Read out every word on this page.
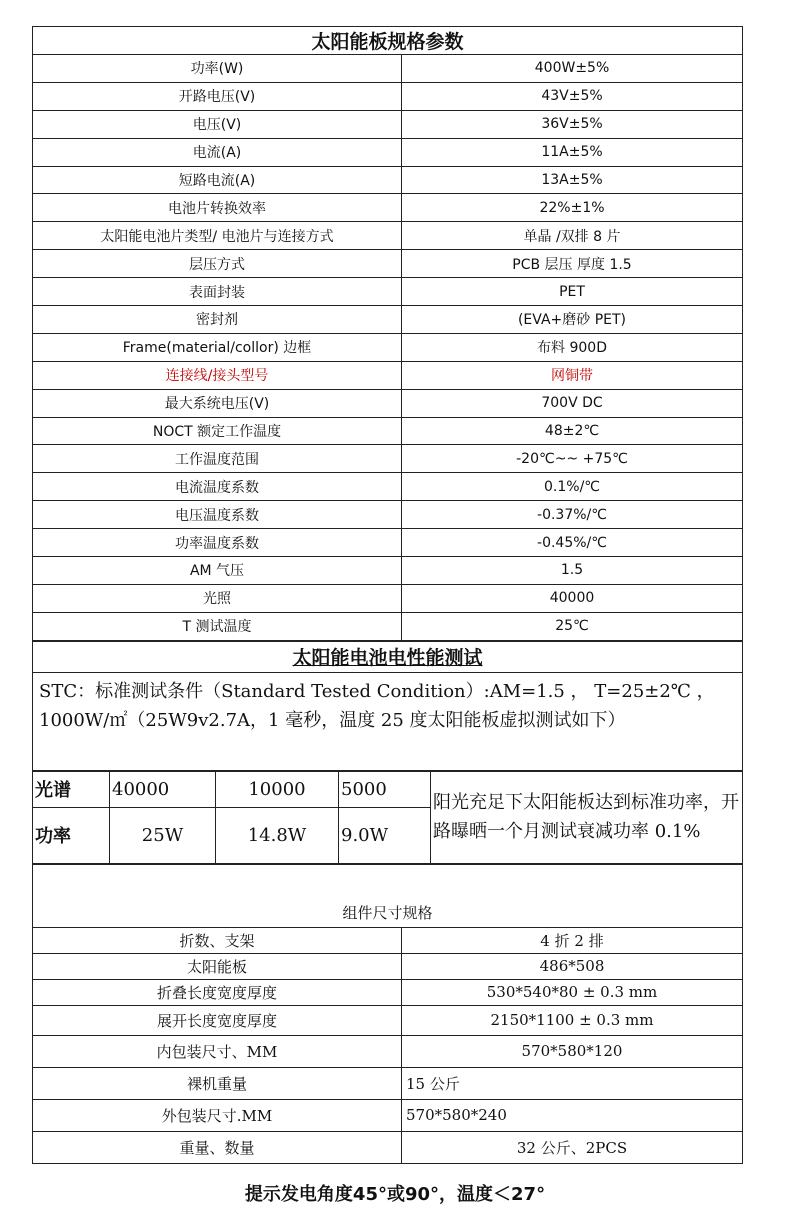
太阳能板规格参数	
功率(W)	400W±5%
开路电压(V)	43V±5%
电压(V)	36V±5%
电流(A)	11A±5%
短路电流(A)	13A±5%
电池片转换效率	22%±1%
太阳能电池片类型/ 电池片与连接方式	单晶 /双排 8 片
层压方式	PCB 层压 厚度 1.5
表面封装	PET
密封剂	(EVA+磨砂 PET)
Frame(material/collor) 边框	布料 900D
连接线/接头型号	网铜带
最大系统电压(V)	700V DC
NOCT 额定工作温度	48±2℃
工作温度范围	-20℃~~ +75℃
电流温度系数	0.1%/℃
电压温度系数	-0.37%/℃
功率温度系数	-0.45%/℃
AM 气压	1.5
光照	40000
T 测试温度	25℃
太阳能电池电性能测试
STC：标准测试条件（Standard Tested Condition）:AM=1.5 ， T=25±2℃ ， 1000W/㎡（25W9v2.7A，1 毫秒，温度 25 度太阳能板虚拟测试如下）
光谱	40000	10000	5000	阳光充足下太阳能板达到标准功率，开路曝晒一个月测试衰减功率 0.1%
功率	25W	14.8W	9.0W	
组件尺寸规格	
折数、支架	4 折 2 排
太阳能板	486*508
折叠长度宽度厚度	530*540*80 ± 0.3 mm
展开长度宽度厚度	2150*1100 ± 0.3 mm
内包装尺寸、MM	570*580*120
裸机重量	15 公斤
外包装尺寸.MM	570*580*240
重量、数量	32 公斤、2PCS
提示发电角度45°或90°，温度＜27°
